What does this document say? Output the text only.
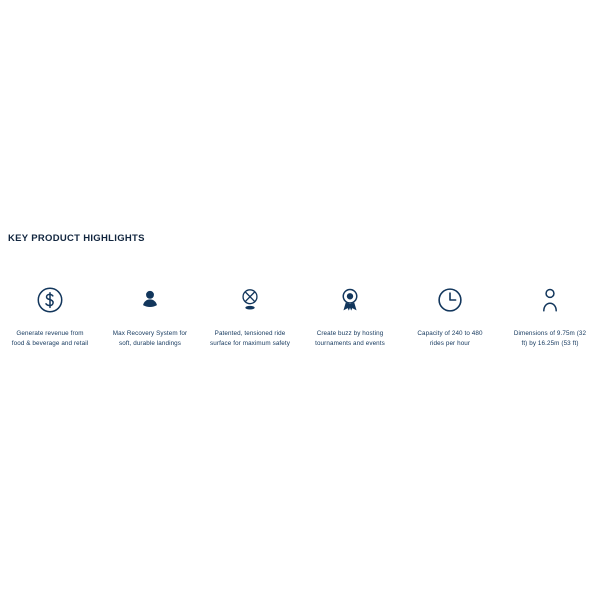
KEY PRODUCT HIGHLIGHTS
Generate revenue from food & beverage and retail
Max Recovery System for soft, durable landings
Patented, tensioned ride surface for maximum safety
Create buzz by hosting tournaments and events
Capacity of 240 to 480 rides per hour
Dimensions of 9.75m (32 ft) by 16.25m (53 ft)
